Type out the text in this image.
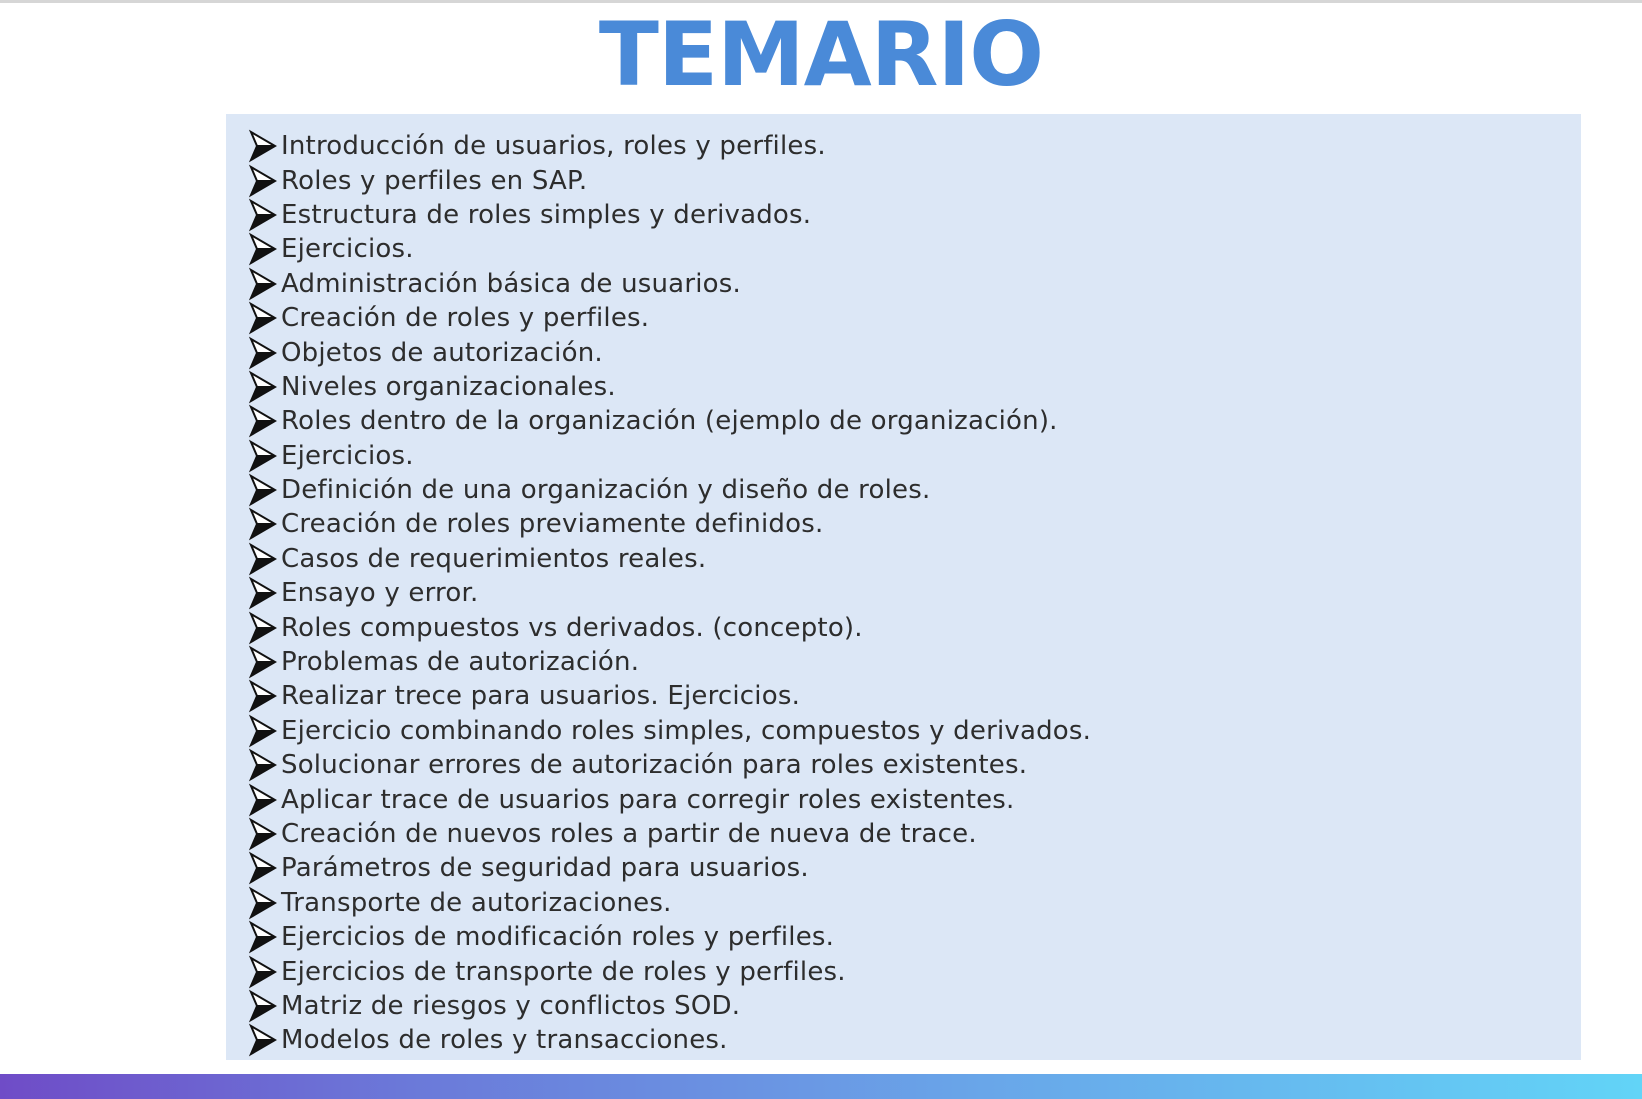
TEMARIO
Introducción de usuarios, roles y perfiles.
Roles y perfiles en SAP.
Estructura de roles simples y derivados.
Ejercicios.
Administración básica de usuarios.
Creación de roles y perfiles.
Objetos de autorización.
Niveles organizacionales.
Roles dentro de la organización (ejemplo de organización).
Ejercicios.
Definición de una organización y diseño de roles.
Creación de roles previamente definidos.
Casos de requerimientos reales.
Ensayo y error.
Roles compuestos vs derivados. (concepto).
Problemas de autorización.
Realizar trece para usuarios. Ejercicios.
Ejercicio combinando roles simples, compuestos y derivados.
Solucionar errores de autorización para roles existentes.
Aplicar trace de usuarios para corregir roles existentes.
Creación de nuevos roles a partir de nueva de trace.
Parámetros de seguridad para usuarios.
Transporte de autorizaciones.
Ejercicios de modificación roles y perfiles.
Ejercicios de transporte de roles y perfiles.
Matriz de riesgos y conflictos SOD.
Modelos de roles y transacciones.
